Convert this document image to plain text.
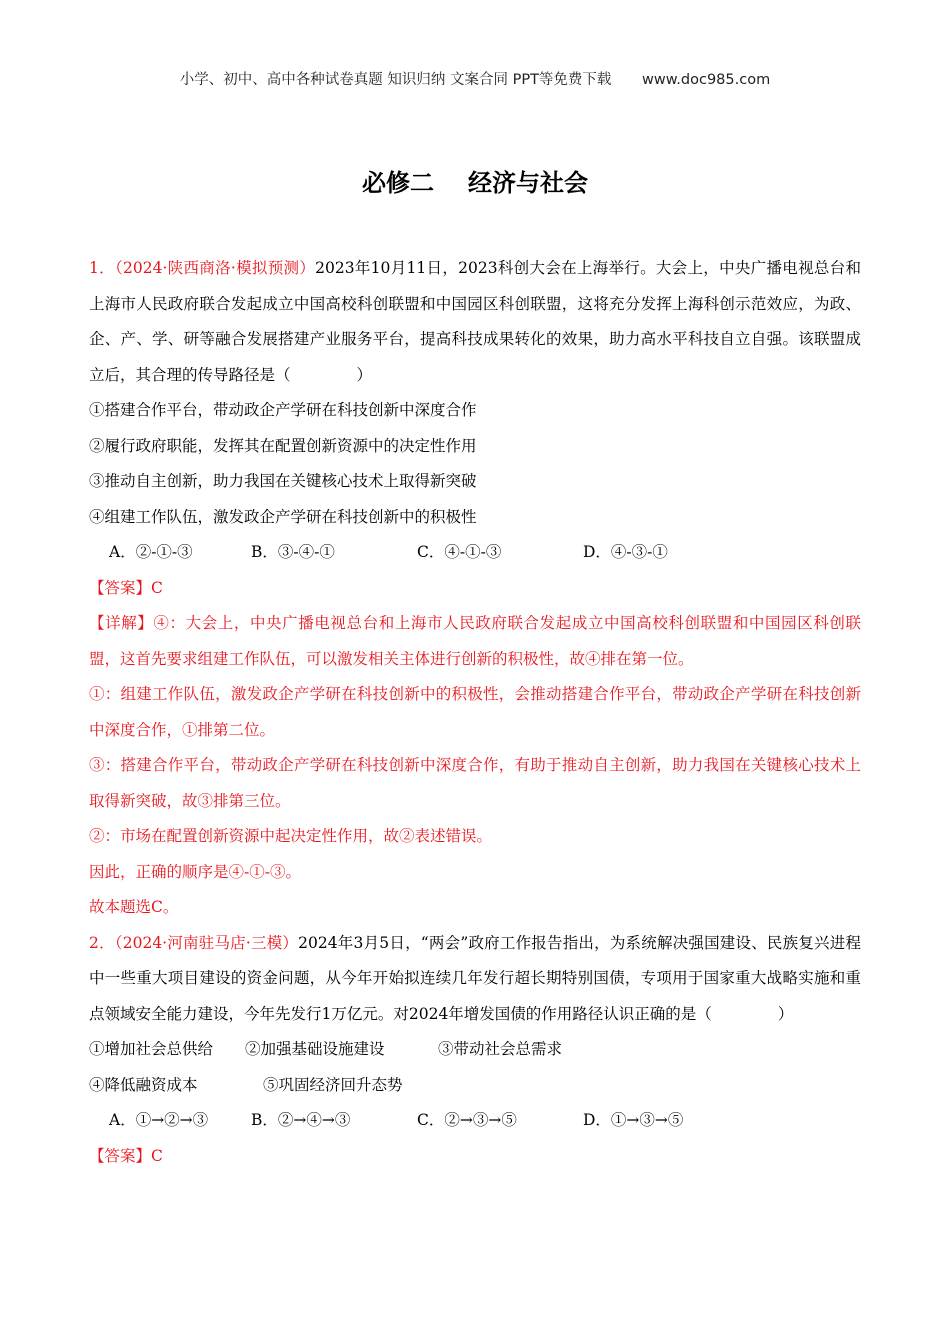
小学、初中、高中各种试卷真题 知识归纳 文案合同 PPT等免费下载 www.doc985.com
必修二 经济与社会

1．（2024·陕西商洛·模拟预测）2023年10月11日，2023科创大会在上海举行。大会上，中央广播电视总台和上海市人民政府联合发起成立中国高校科创联盟和中国园区科创联盟，这将充分发挥上海科创示范效应，为政、企、产、学、研等融合发展搭建产业服务平台，提高科技成果转化的效果，助力高水平科技自立自强。该联盟成立后，其合理的传导路径是（	）

①搭建合作平台，带动政企产学研在科技创新中深度合作

②履行政府职能，发挥其在配置创新资源中的决定性作用

③推动自主创新，助力我国在关键核心技术上取得新突破

④组建工作队伍，激发政企产学研在科技创新中的积极性

A．②-①-③	B．③-④-①	C．④-①-③	D．④-③-①

【答案】C

【详解】④：大会上，中央广播电视总台和上海市人民政府联合发起成立中国高校科创联盟和中国园区科创联盟，这首先要求组建工作队伍，可以激发相关主体进行创新的积极性，故④排在第一位。

①：组建工作队伍，激发政企产学研在科技创新中的积极性，会推动搭建合作平台，带动政企产学研在科技创新中深度合作，①排第二位。

③：搭建合作平台，带动政企产学研在科技创新中深度合作，有助于推动自主创新，助力我国在关键核心技术上取得新突破，故③排第三位。

②：市场在配置创新资源中起决定性作用，故②表述错误。

因此，正确的顺序是④-①-③。

故本题选C。

2．（2024·河南驻马店·三模）2024年3月5日，“两会”政府工作报告指出，为系统解决强国建设、民族复兴进程中一些重大项目建设的资金问题，从今年开始拟连续几年发行超长期特别国债，专项用于国家重大战略实施和重点领域安全能力建设，今年先发行1万亿元。对2024年增发国债的作用路径认识正确的是（	）

①增加社会总供给 ②加强基础设施建设	③带动社会总需求

④降低融资成本	⑤巩固经济回升态势

A．①→②→③	B．②→④→③	C．②→③→⑤	D．①→③→⑤

【答案】C
